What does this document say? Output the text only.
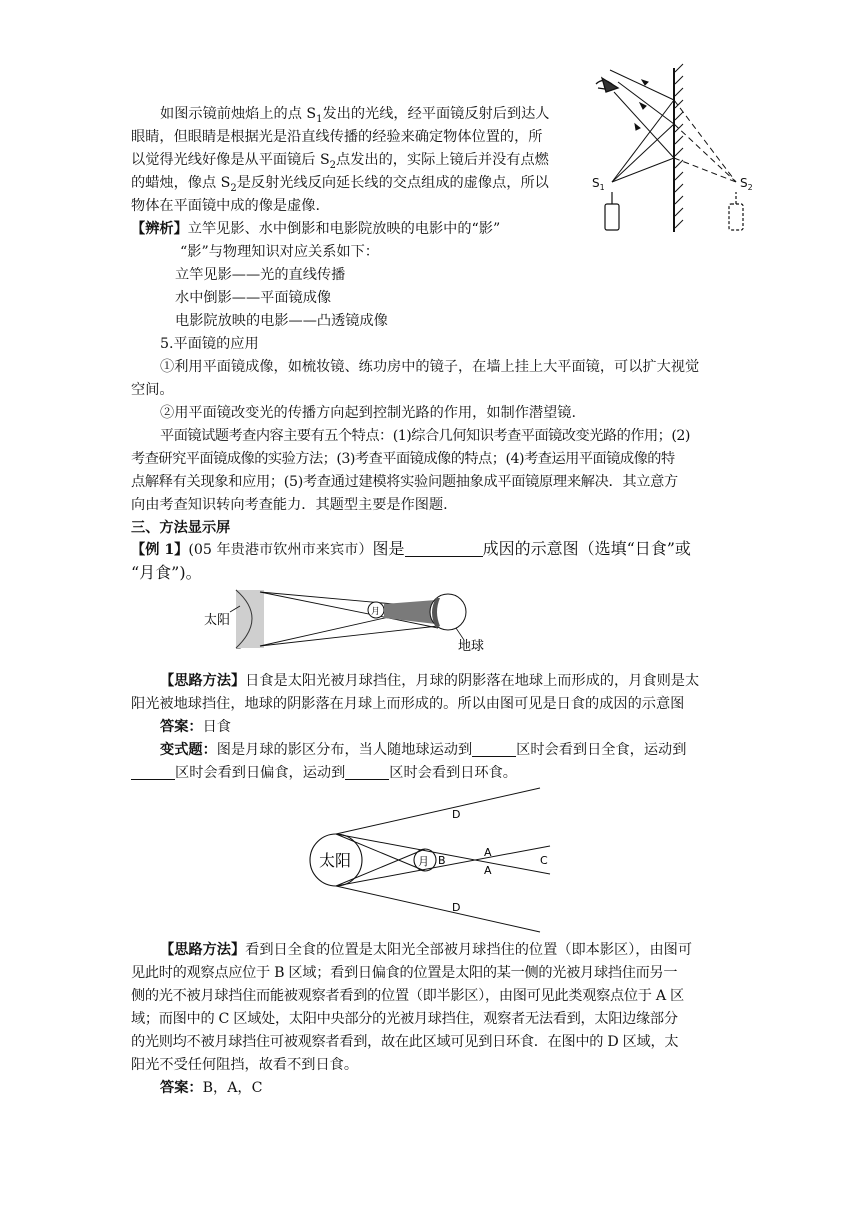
$S_1$	$S_2$
如图示镜前烛焰上的点 $S_1$发出的光线，经平面镜反射后到达人
眼睛，但眼睛是根据光是沿直线传播的经验来确定物体位置的，所
以觉得光线好像是从平面镜后 $S_2$点发出的，实际上镜后并没有点燃
的蜡烛，像点 $S_2$是反射光线反向延长线的交点组成的虚像点，所以
物体在平面镜中成的像是虚像.
【辨析】立竿见影、水中倒影和电影院放映的电影中的“影”
“影”与物理知识对应关系如下：
立竿见影——光的直线传播
水中倒影——平面镜成像
电影院放映的电影——凸透镜成像
5.平面镜的应用
①利用平面镜成像，如梳妆镜、练功房中的镜子，在墙上挂上大平面镜，可以扩大视觉
空间。
②用平面镜改变光的传播方向起到控制光路的作用，如制作潜望镜.
平面镜试题考查内容主要有五个特点：(1)综合几何知识考查平面镜改变光路的作用；(2)
考查研究平面镜成像的实验方法；(3)考查平面镜成像的特点；(4)考查运用平面镜成像的特
点解释有关现象和应用；(5)考查通过建模将实验问题抽象成平面镜原理来解决．其立意方
向由考查知识转向考查能力．其题型主要是作图题.
三、方法显示屏
【例 1】(05 年贵港市钦州市来宾市）图是	成因的示意图（选填“日食”或
“月食”)。
月
太阳
地球
【思路方法】日食是太阳光被月球挡住，月球的阴影落在地球上而形成的，月食则是太
阳光被地球挡住，地球的阴影落在月球上而形成的。所以由图可见是日食的成因的示意图
答案：日食
变式题：图是月球的影区分布，当人随地球运动到	区时会看到日全食，运动到
区时会看到日偏食，运动到	区时会看到日环食。
太阳	月
D
D
B
A
A
C
【思路方法】看到日全食的位置是太阳光全部被月球挡住的位置（即本影区），由图可
见此时的观察点应位于 B 区域；看到日偏食的位置是太阳的某一侧的光被月球挡住而另一
侧的光不被月球挡住而能被观察者看到的位置（即半影区），由图可见此类观察点位于 A 区
域；而图中的 C 区域处，太阳中央部分的光被月球挡住，观察者无法看到，太阳边缘部分
的光则均不被月球挡住可被观察者看到，故在此区域可见到日环食．在图中的 D 区域，太
阳光不受任何阻挡，故看不到日食。
答案：B，A，C
